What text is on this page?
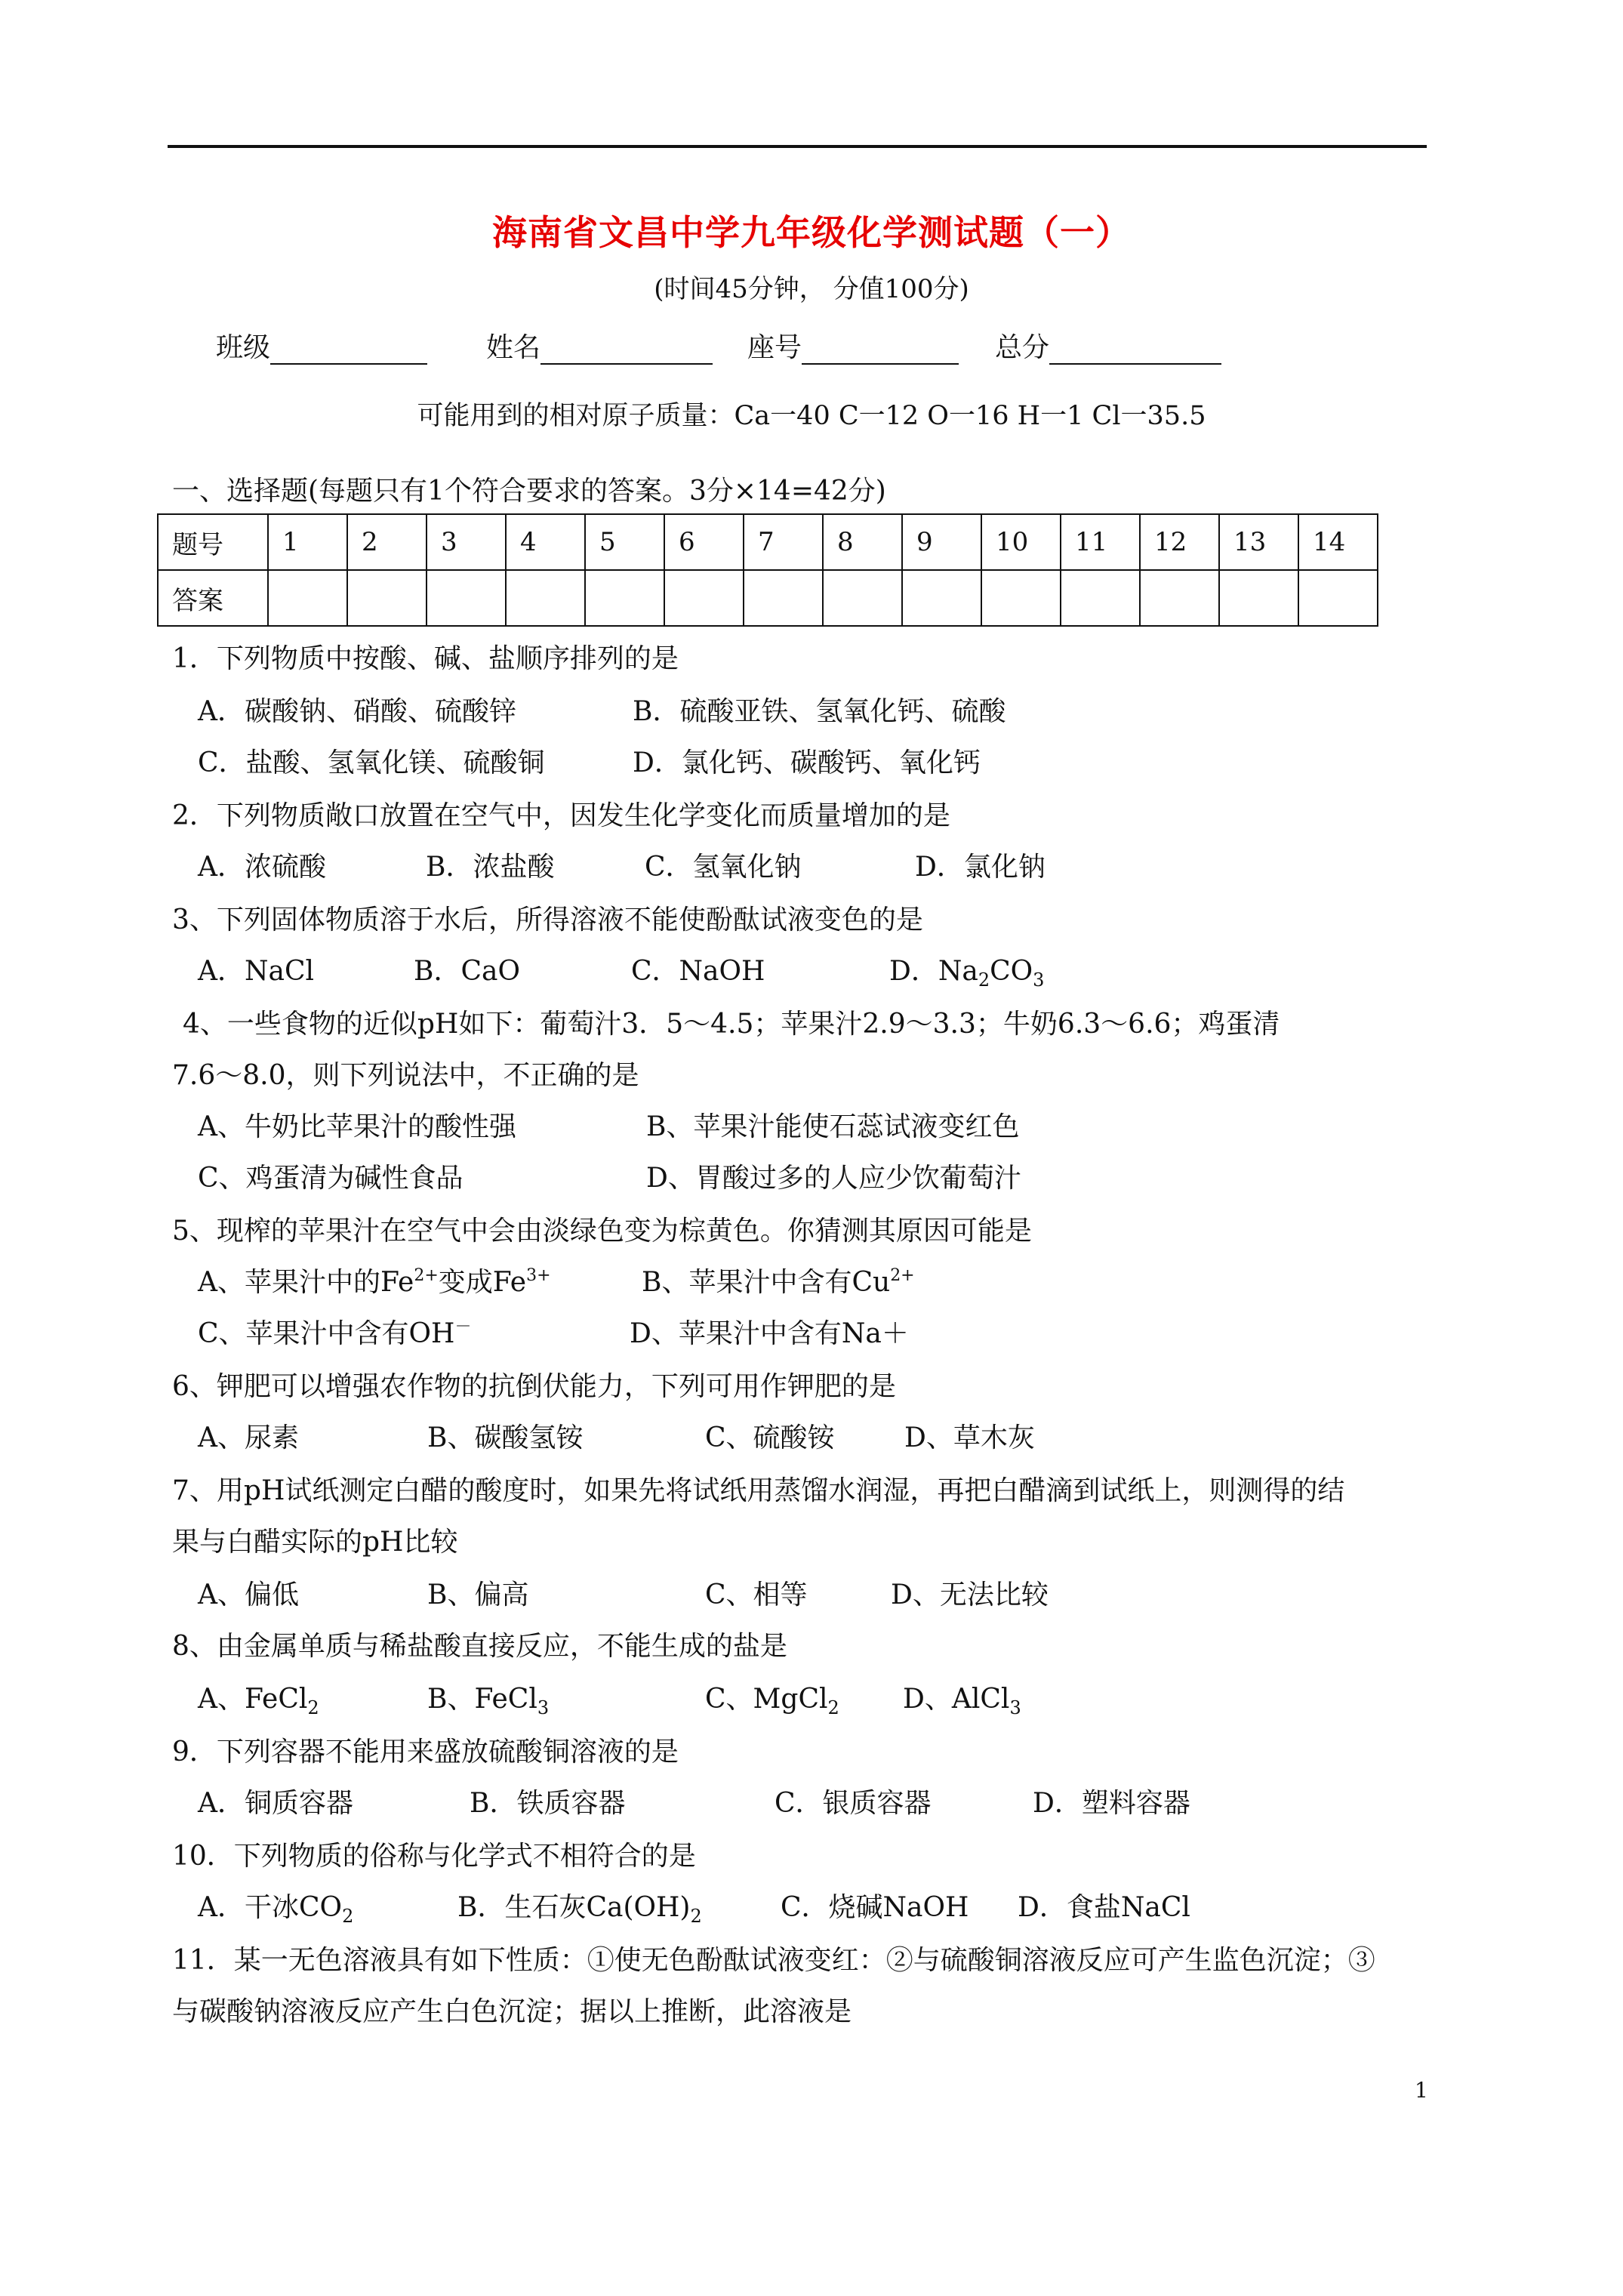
海南省文昌中学九年级化学测试题（一）
(时间45分钟， 分值100分)
班级	姓名	座号	总分
可能用到的相对原子质量：Ca一40 C一12 O一16 H一1 Cl一35.5
一、选择题(每题只有1个符合要求的答案。3分×14=42分)
题号	1	2	3	4	5	6	7	8	9	10	11	12	13	14
答案														
1．下列物质中按酸、碱、盐顺序排列的是
A．碳酸钠、硝酸、硫酸锌	B．硫酸亚铁、氢氧化钙、硫酸
C．盐酸、氢氧化镁、硫酸铜	D．氯化钙、碳酸钙、氧化钙
2．下列物质敞口放置在空气中，因发生化学变化而质量增加的是
A．浓硫酸	B．浓盐酸	C．氢氧化钠	D．氯化钠
3、下列固体物质溶于水后，所得溶液不能使酚酞试液变色的是
A．NaCl	B．CaO	C．NaOH	D．$Na_2CO_3$
4、一些食物的近似pH如下：葡萄汁3．5～4.5；苹果汁2.9～3.3；牛奶6.3～6.6；鸡蛋清
7.6～8.0，则下列说法中，不正确的是
A、牛奶比苹果汁的酸性强	B、苹果汁能使石蕊试液变红色
C、鸡蛋清为碱性食品	D、胃酸过多的人应少饮葡萄汁
5、现榨的苹果汁在空气中会由淡绿色变为棕黄色。你猜测其原因可能是
A、苹果汁中的$Fe^{2+}$变成$Fe^{3+}$	B、苹果汁中含有$Cu^{2+}$
C、苹果汁中含有OH－	D、苹果汁中含有Na＋
6、钾肥可以增强农作物的抗倒伏能力，下列可用作钾肥的是
A、尿素	B、碳酸氢铵	C、硫酸铵	D、草木灰
7、用pH试纸测定白醋的酸度时，如果先将试纸用蒸馏水润湿，再把白醋滴到试纸上，则测得的结
果与白醋实际的pH比较
A、偏低	B、偏高	C、相等	D、无法比较
8、由金属单质与稀盐酸直接反应，不能生成的盐是
A、FeCl$_2$	B、FeCl$_3$	C、MgCl$_2$ D、AlCl$_3$
9．下列容器不能用来盛放硫酸铜溶液的是
A．铜质容器	B．铁质容器	C．银质容器	D．塑料容器
10．下列物质的俗称与化学式不相符合的是
A．干冰$CO_2$	B．生石灰$Ca(OH)_2$	C．烧碱NaOH D．食盐NaCl
11．某一无色溶液具有如下性质：①使无色酚酞试液变红：②与硫酸铜溶液反应可产生监色沉淀；③
与碳酸钠溶液反应产生白色沉淀；据以上推断，此溶液是
1
